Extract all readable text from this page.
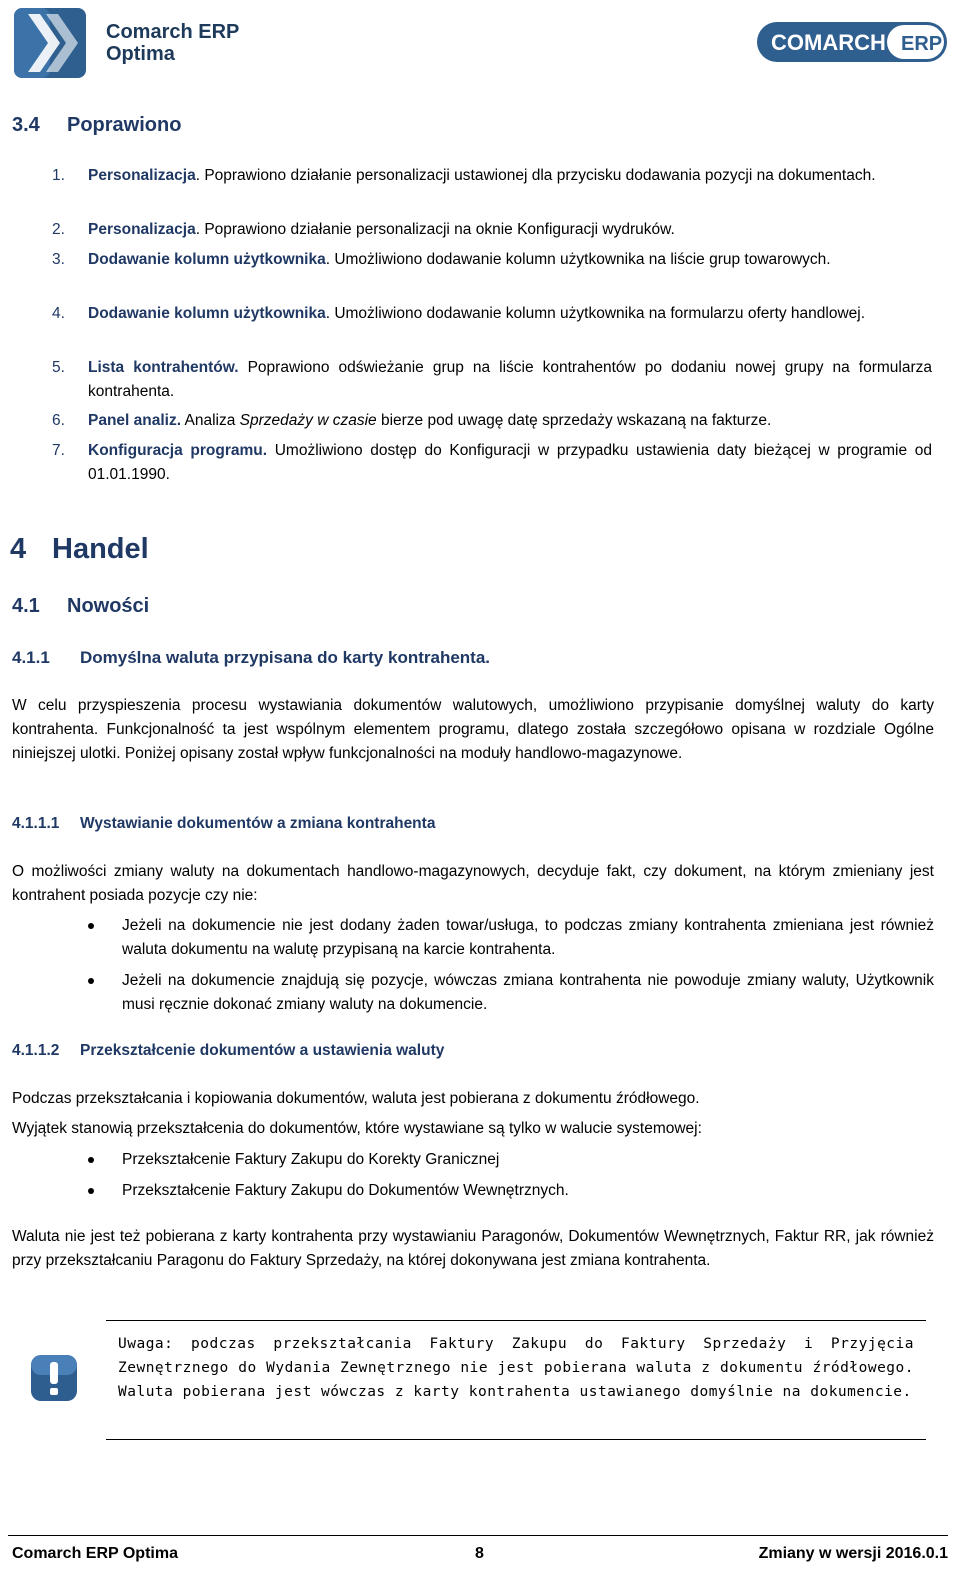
Comarch ERP
Optima	COMARCH ERP
3.4 Poprawiono
1. Personalizacja. Poprawiono działanie personalizacji ustawionej dla przycisku dodawania pozycji na dokumentach.
2. Personalizacja. Poprawiono działanie personalizacji na oknie Konfiguracji wydruków.
3. Dodawanie kolumn użytkownika. Umożliwiono dodawanie kolumn użytkownika na liście grup towarowych.
4. Dodawanie kolumn użytkownika. Umożliwiono dodawanie kolumn użytkownika na formularzu oferty handlowej.
5. Lista kontrahentów. Poprawiono odświeżanie grup na liście kontrahentów po dodaniu nowej grupy na formularza kontrahenta.
6. Panel analiz. Analiza Sprzedaży w czasie bierze pod uwagę datę sprzedaży wskazaną na fakturze.
7. Konfiguracja programu. Umożliwiono dostęp do Konfiguracji w przypadku ustawienia daty bieżącej w programie od 01.01.1990.
4 Handel
4.1 Nowości
4.1.1 Domyślna waluta przypisana do karty kontrahenta.
W celu przyspieszenia procesu wystawiania dokumentów walutowych, umożliwiono przypisanie domyślnej waluty do karty kontrahenta. Funkcjonalność ta jest wspólnym elementem programu, dlatego została szczegółowo opisana w rozdziale Ogólne niniejszej ulotki. Poniżej opisany został wpływ funkcjonalności na moduły handlowo-magazynowe.
4.1.1.1 Wystawianie dokumentów a zmiana kontrahenta
O możliwości zmiany waluty na dokumentach handlowo-magazynowych, decyduje fakt, czy dokument, na którym zmieniany jest kontrahent posiada pozycje czy nie:
Jeżeli na dokumencie nie jest dodany żaden towar/usługa, to podczas zmiany kontrahenta zmieniana jest również waluta dokumentu na walutę przypisaną na karcie kontrahenta.
Jeżeli na dokumencie znajdują się pozycje, wówczas zmiana kontrahenta nie powoduje zmiany waluty, Użytkownik musi ręcznie dokonać zmiany waluty na dokumencie.
4.1.1.2 Przekształcenie dokumentów a ustawienia waluty
Podczas przekształcania i kopiowania dokumentów, waluta jest pobierana z dokumentu źródłowego.
Wyjątek stanowią przekształcenia do dokumentów, które wystawiane są tylko w walucie systemowej:
Przekształcenie Faktury Zakupu do Korekty Granicznej
Przekształcenie Faktury Zakupu do Dokumentów Wewnętrznych.
Waluta nie jest też pobierana z karty kontrahenta przy wystawianiu Paragonów, Dokumentów Wewnętrznych, Faktur RR, jak również przy przekształcaniu Paragonu do Faktury Sprzedaży, na której dokonywana jest zmiana kontrahenta.
Uwaga: podczas przekształcania Faktury Zakupu do Faktury Sprzedaży i Przyjęcia Zewnętrznego do Wydania Zewnętrznego nie jest pobierana waluta z dokumentu źródłowego. Waluta pobierana jest wówczas z karty kontrahenta ustawianego domyślnie na dokumencie.
Comarch ERP Optima	8	Zmiany w wersji 2016.0.1
